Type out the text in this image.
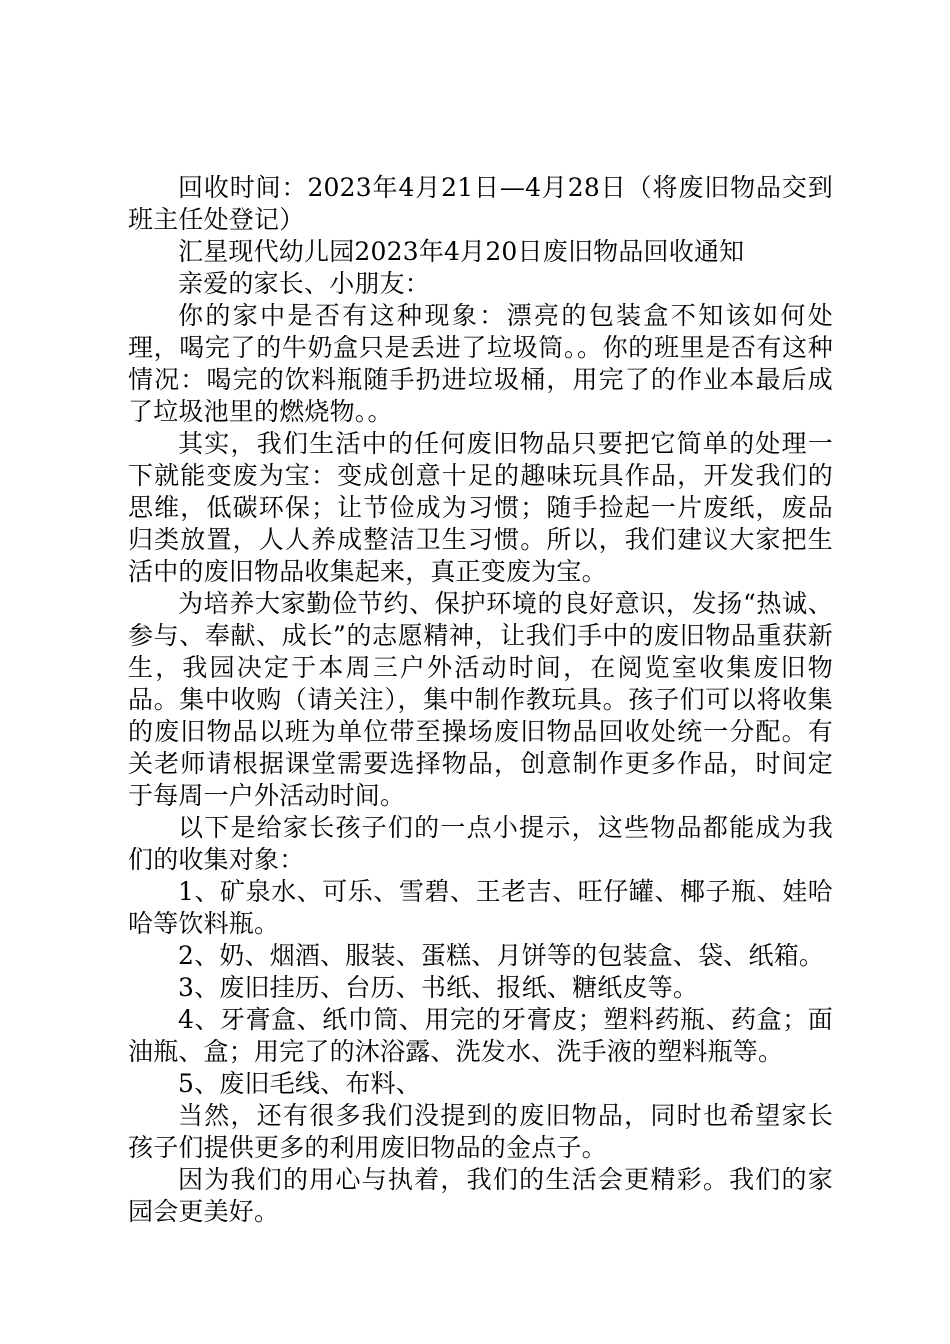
回收时间：2023年4月21日—4月28日（将废旧物品交到班主任处登记）

汇星现代幼儿园2023年4月20日废旧物品回收通知

亲爱的家长、小朋友：

你的家中是否有这种现象：漂亮的包装盒不知该如何处理，喝完了的牛奶盒只是丢进了垃圾筒。。你的班里是否有这种情况：喝完的饮料瓶随手扔进垃圾桶，用完了的作业本最后成了垃圾池里的燃烧物。。

其实，我们生活中的任何废旧物品只要把它简单的处理一下就能变废为宝：变成创意十足的趣味玩具作品，开发我们的思维，低碳环保；让节俭成为习惯；随手捡起一片废纸，废品归类放置，人人养成整洁卫生习惯。所以，我们建议大家把生活中的废旧物品收集起来，真正变废为宝。

为培养大家勤俭节约、保护环境的良好意识，发扬“热诚、参与、奉献、成长”的志愿精神，让我们手中的废旧物品重获新生，我园决定于本周三户外活动时间，在阅览室收集废旧物品。集中收购（请关注），集中制作教玩具。孩子们可以将收集的废旧物品以班为单位带至操场废旧物品回收处统一分配。有关老师请根据课堂需要选择物品，创意制作更多作品，时间定于每周一户外活动时间。

以下是给家长孩子们的一点小提示，这些物品都能成为我们的收集对象：

1、矿泉水、可乐、雪碧、王老吉、旺仔罐、椰子瓶、娃哈哈等饮料瓶。

2、奶、烟酒、服装、蛋糕、月饼等的包装盒、袋、纸箱。

3、废旧挂历、台历、书纸、报纸、糖纸皮等。

4、牙膏盒、纸巾筒、用完的牙膏皮；塑料药瓶、药盒；面油瓶、盒；用完了的沐浴露、洗发水、洗手液的塑料瓶等。

5、废旧毛线、布料、

当然，还有很多我们没提到的废旧物品，同时也希望家长孩子们提供更多的利用废旧物品的金点子。

因为我们的用心与执着，我们的生活会更精彩。我们的家园会更美好。
